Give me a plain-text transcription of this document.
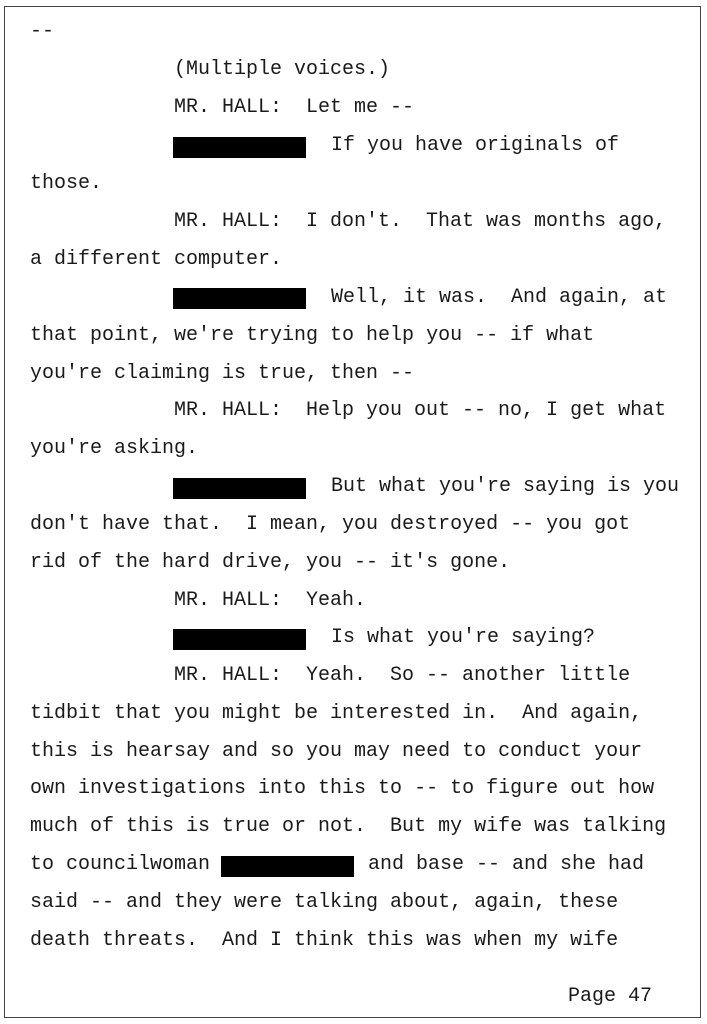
--
(Multiple voices.)
MR. HALL:  Let me --
If you have originals of
those.
MR. HALL:  I don't.  That was months ago,
a different computer.
Well, it was.  And again, at
that point, we're trying to help you -- if what
you're claiming is true, then --
MR. HALL:  Help you out -- no, I get what
you're asking.
But what you're saying is you
don't have that.  I mean, you destroyed -- you got
rid of the hard drive, you -- it's gone.
MR. HALL:  Yeah.
Is what you're saying?
MR. HALL:  Yeah.  So -- another little
tidbit that you might be interested in.  And again,
this is hearsay and so you may need to conduct your
own investigations into this to -- to figure out how
much of this is true or not.  But my wife was talking
to councilwoman	and base -- and she had
said -- and they were talking about, again, these
death threats.  And I think this was when my wife
Page 47
